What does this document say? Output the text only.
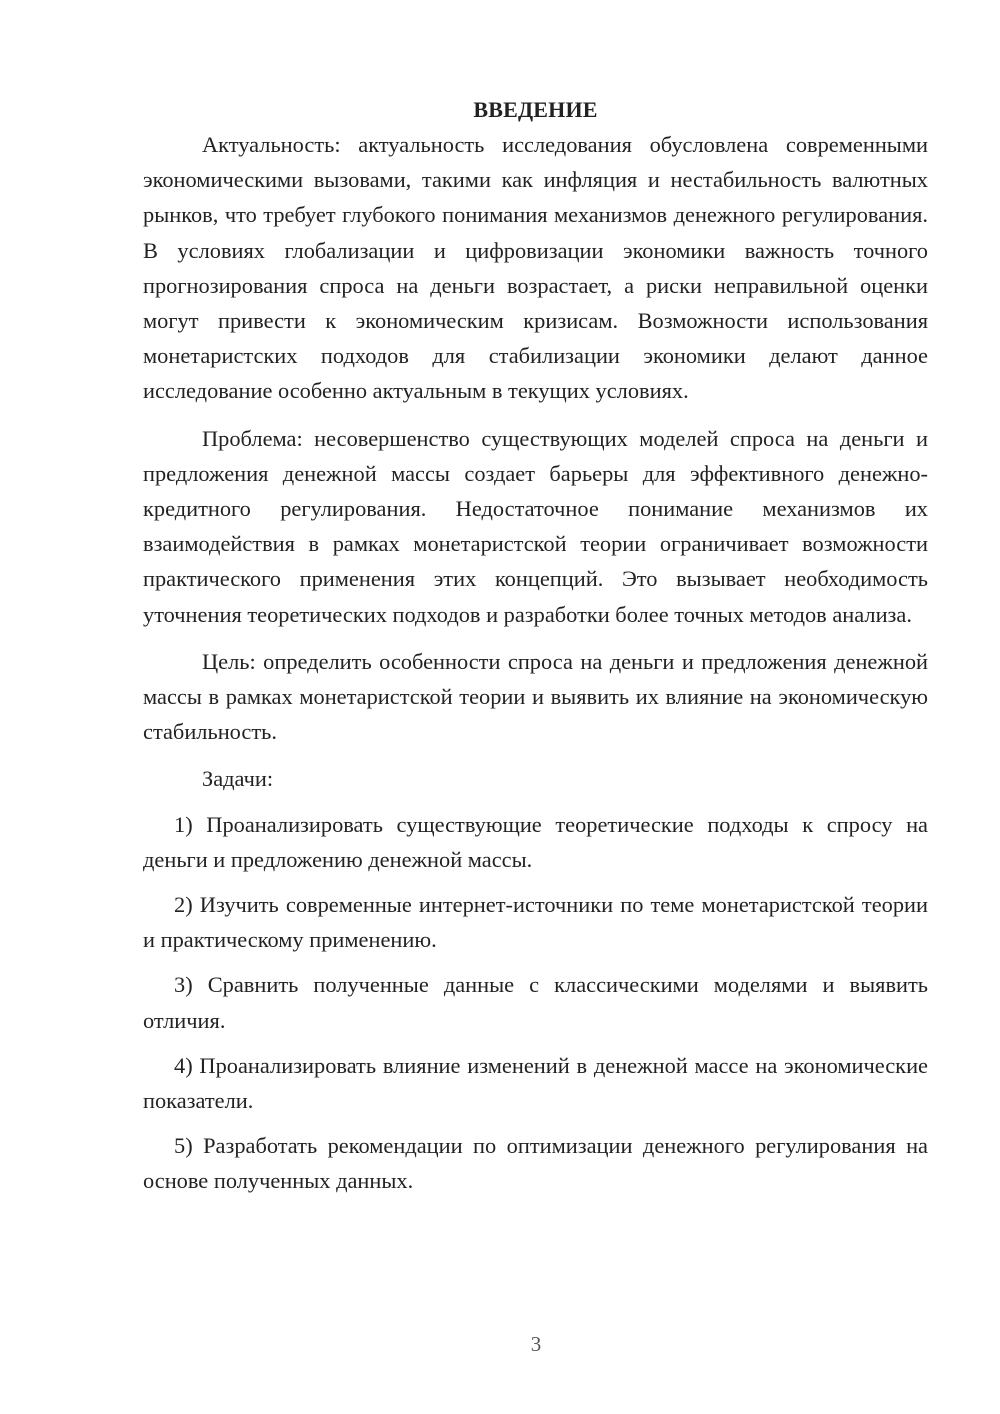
ВВЕДЕНИЕ

Актуальность: актуальность исследования обусловлена современными экономическими вызовами, такими как инфляция и нестабильность валютных рынков, что требует глубокого понимания механизмов денежного регулирования. В условиях глобализации и цифровизации экономики важность точного прогнозирования спроса на деньги возрастает, а риски неправильной оценки могут привести к экономическим кризисам. Возможности использования монетаристских подходов для стабилизации экономики делают данное исследование особенно актуальным в текущих условиях.

Проблема: несовершенство существующих моделей спроса на деньги и предложения денежной массы создает барьеры для эффективного денежно-кредитного регулирования. Недостаточное понимание механизмов их взаимодействия в рамках монетаристской теории ограничивает возможности практического применения этих концепций. Это вызывает необходимость уточнения теоретических подходов и разработки более точных методов анализа.

Цель: определить особенности спроса на деньги и предложения денежной массы в рамках монетаристской теории и выявить их влияние на экономическую стабильность.

Задачи:

1) Проанализировать существующие теоретические подходы к спросу на деньги и предложению денежной массы.

2) Изучить современные интернет-источники по теме монетаристской теории и практическому применению.

3) Сравнить полученные данные с классическими моделями и выявить отличия.

4) Проанализировать влияние изменений в денежной массе на экономические показатели.

5) Разработать рекомендации по оптимизации денежного регулирования на основе полученных данных.

3
